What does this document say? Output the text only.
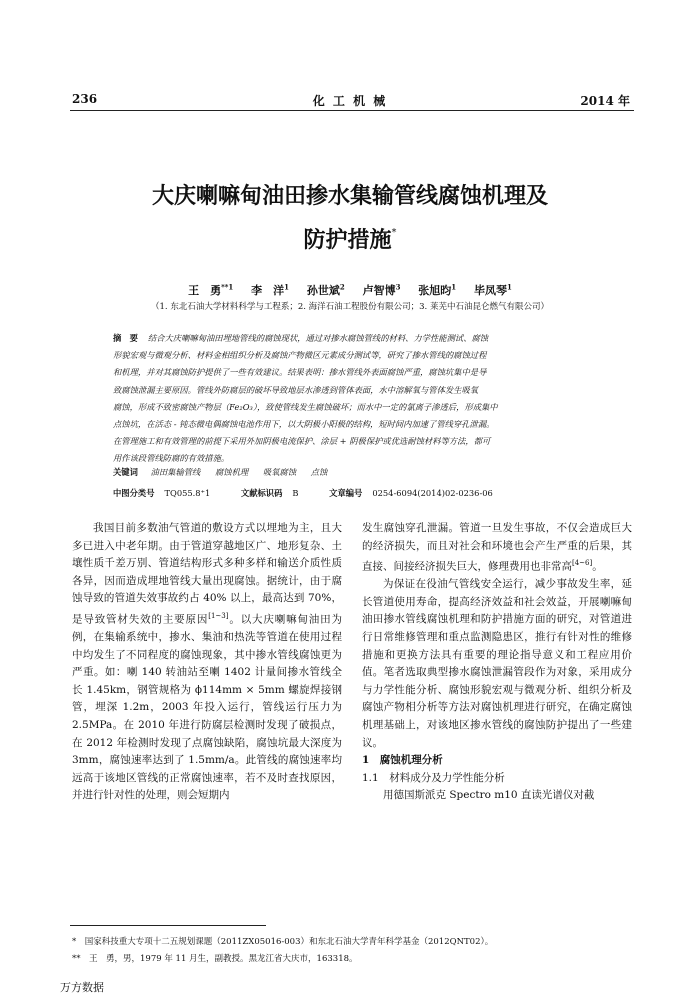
236	化 工 机 械	2014 年
大庆喇嘛甸油田掺水集输管线腐蚀机理及
防护措施*
王　勇$^{**1}$ 李　洋$^1$ 孙世斌$^2$ 卢智博$^3$ 张旭昀$^1$ 毕凤琴$^1$
（1. 东北石油大学材料科学与工程系；2. 海洋石油工程股份有限公司；3. 莱芜中石油昆仑燃气有限公司）
摘　要 结合大庆喇嘛甸油田埋地管线的腐蚀现状，通过对掺水腐蚀管线的材料、力学性能测试、腐蚀
形貌宏观与微观分析、材料金相组织分析及腐蚀产物微区元素成分测试等，研究了掺水管线的腐蚀过程
和机理，并对其腐蚀防护提供了一些有效建议。结果表明：掺水管线外表面腐蚀严重，腐蚀坑集中是导
致腐蚀泄漏主要原因。管线外防腐层的破坏导致地层水渗透到管体表面，水中溶解氧与管体发生吸氧
腐蚀，形成不致密腐蚀产物层（Fe₂O₃），致使管线发生腐蚀破坏；而水中一定的氯离子渗透后，形成集中
点蚀坑，在活态 - 钝态微电偶腐蚀电池作用下，以大阴极小阳极的结构，短时间内加速了管线穿孔泄漏。
在管理施工和有效管理的前提下采用外加阴极电流保护、涂层 + 阴极保护或优选耐蚀材料等方法，都可
用作该段管线防腐的有效措施。
关键词 油田集输管线 腐蚀机理 吸氧腐蚀 点蚀
中图分类号 TQ055.8⁺1	文献标识码 B	文章编号 0254-6094(2014)02-0236-06

我国目前多数油气管道的敷设方式以埋地为主，且大多已进入中老年期。由于管道穿越地区广、地形复杂、土壤性质千差万别、管道结构形式多种多样和输送介质性质各异，因而造成埋地管线大量出现腐蚀。据统计，由于腐蚀导致的管道失效事故约占 40% 以上，最高达到 70%，是导致管材失效的主要原因[1~3]。以大庆喇嘛甸油田为例，在集输系统中，掺水、集油和热洗等管道在使用过程中均发生了不同程度的腐蚀现象，其中掺水管线腐蚀更为严重。如：喇 140 转油站至喇 1402 计量间掺水管线全长 1.45km，钢管规格为 ϕ114mm × 5mm 螺旋焊接钢管，埋深 1.2m，2003 年投入运行，管线运行压力为 2.5MPa。在 2010 年进行防腐层检测时发现了破损点，在 2012 年检测时发现了点腐蚀缺陷，腐蚀坑最大深度为 3mm，腐蚀速率达到了 1.5mm/a。此管线的腐蚀速率均远高于该地区管线的正常腐蚀速率，若不及时查找原因，并进行针对性的处理，则会短期内

发生腐蚀穿孔泄漏。管道一旦发生事故，不仅会造成巨大的经济损失，而且对社会和环境也会产生严重的后果，其直接、间接经济损失巨大，修理费用也非常高[4~6]。

为保证在役油气管线安全运行，减少事故发生率，延长管道使用寿命，提高经济效益和社会效益，开展喇嘛甸油田掺水管线腐蚀机理和防护措施方面的研究，对管道进行日常维修管理和重点监测隐患区，推行有针对性的维修措施和更换方法具有重要的理论指导意义和工程应用价值。笔者选取典型掺水腐蚀泄漏管段作为对象，采用成分与力学性能分析、腐蚀形貌宏观与微观分析、组织分析及腐蚀产物相分析等方法对腐蚀机理进行研究，在确定腐蚀机理基础上，对该地区掺水管线的腐蚀防护提出了一些建议。

1　腐蚀机理分析

1.1　材料成分及力学性能分析

用德国斯派克 Spectro m10 直读光谱仪对截

*　国家科技重大专项十二五规划课题（2011ZX05016-003）和东北石油大学青年科学基金（2012QNT02）。
**　王　勇，男，1979 年 11 月生，副教授。黑龙江省大庆市，163318。
万方数据
